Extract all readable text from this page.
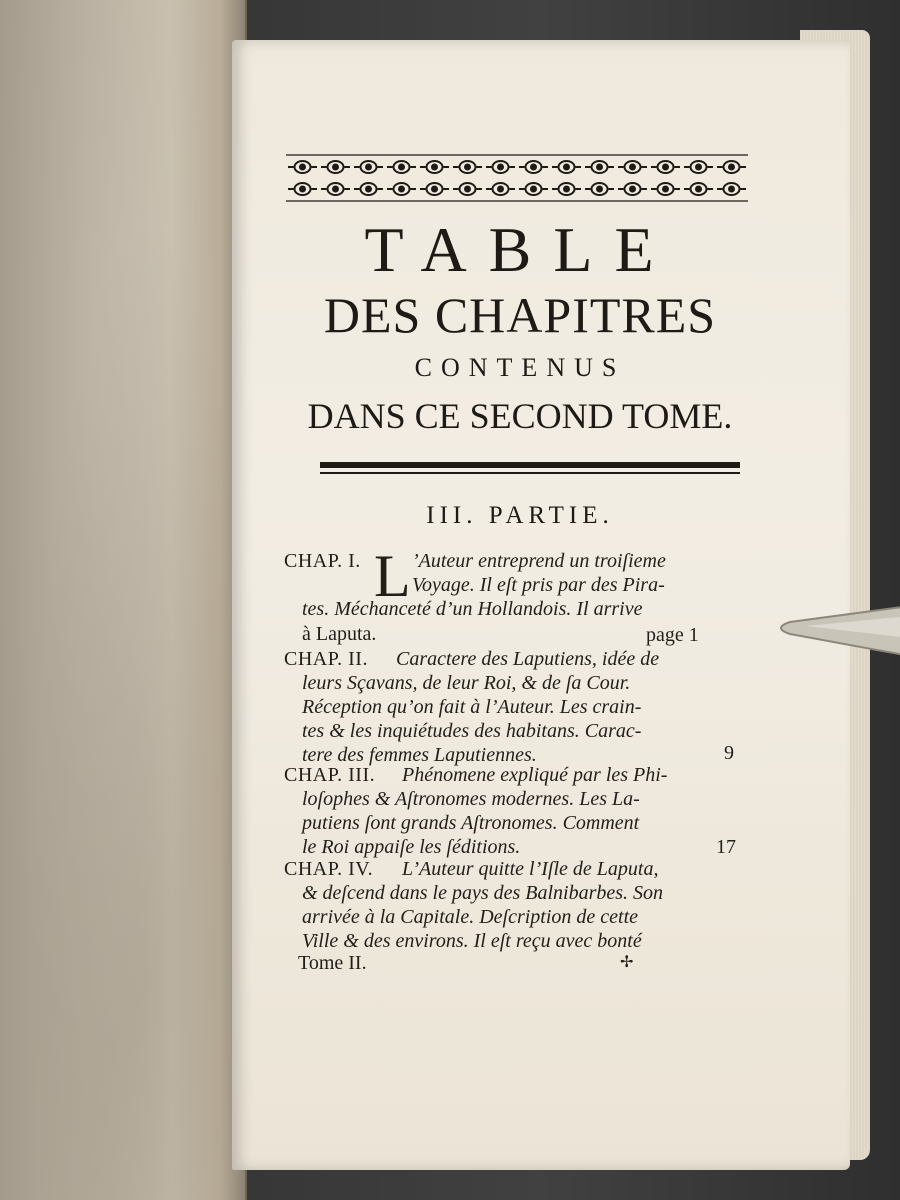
TABLE
DES CHAPITRES
CONTENUS
DANS CE SECOND TOME.
III. PARTIE.
CHAP. I. L ’Auteur entreprend un troiſieme
Voyage. Il eſt pris par des Pira-
tes. Méchanceté d’un Hollandois. Il arrive
à Laputa.	page 1
CHAP. II. Caractere des Laputiens, idée de
leurs Sçavans, de leur Roi, & de ſa Cour.
Réception qu’on fait à l’Auteur. Les crain-
tes & les inquiétudes des habitans. Carac-
tere des femmes Laputiennes.	9
CHAP. III. Phénomene expliqué par les Phi-
loſophes & Aſtronomes modernes. Les La-
putiens ſont grands Aſtronomes. Comment
le Roi appaiſe les ſéditions.	17
CHAP. IV. L’Auteur quitte l’Iſle de Laputa,
& deſcend dans le pays des Balnibarbes. Son
arrivée à la Capitale. Deſcription de cette
Ville & des environs. Il eſt reçu avec bonté
Tome II.	✢
